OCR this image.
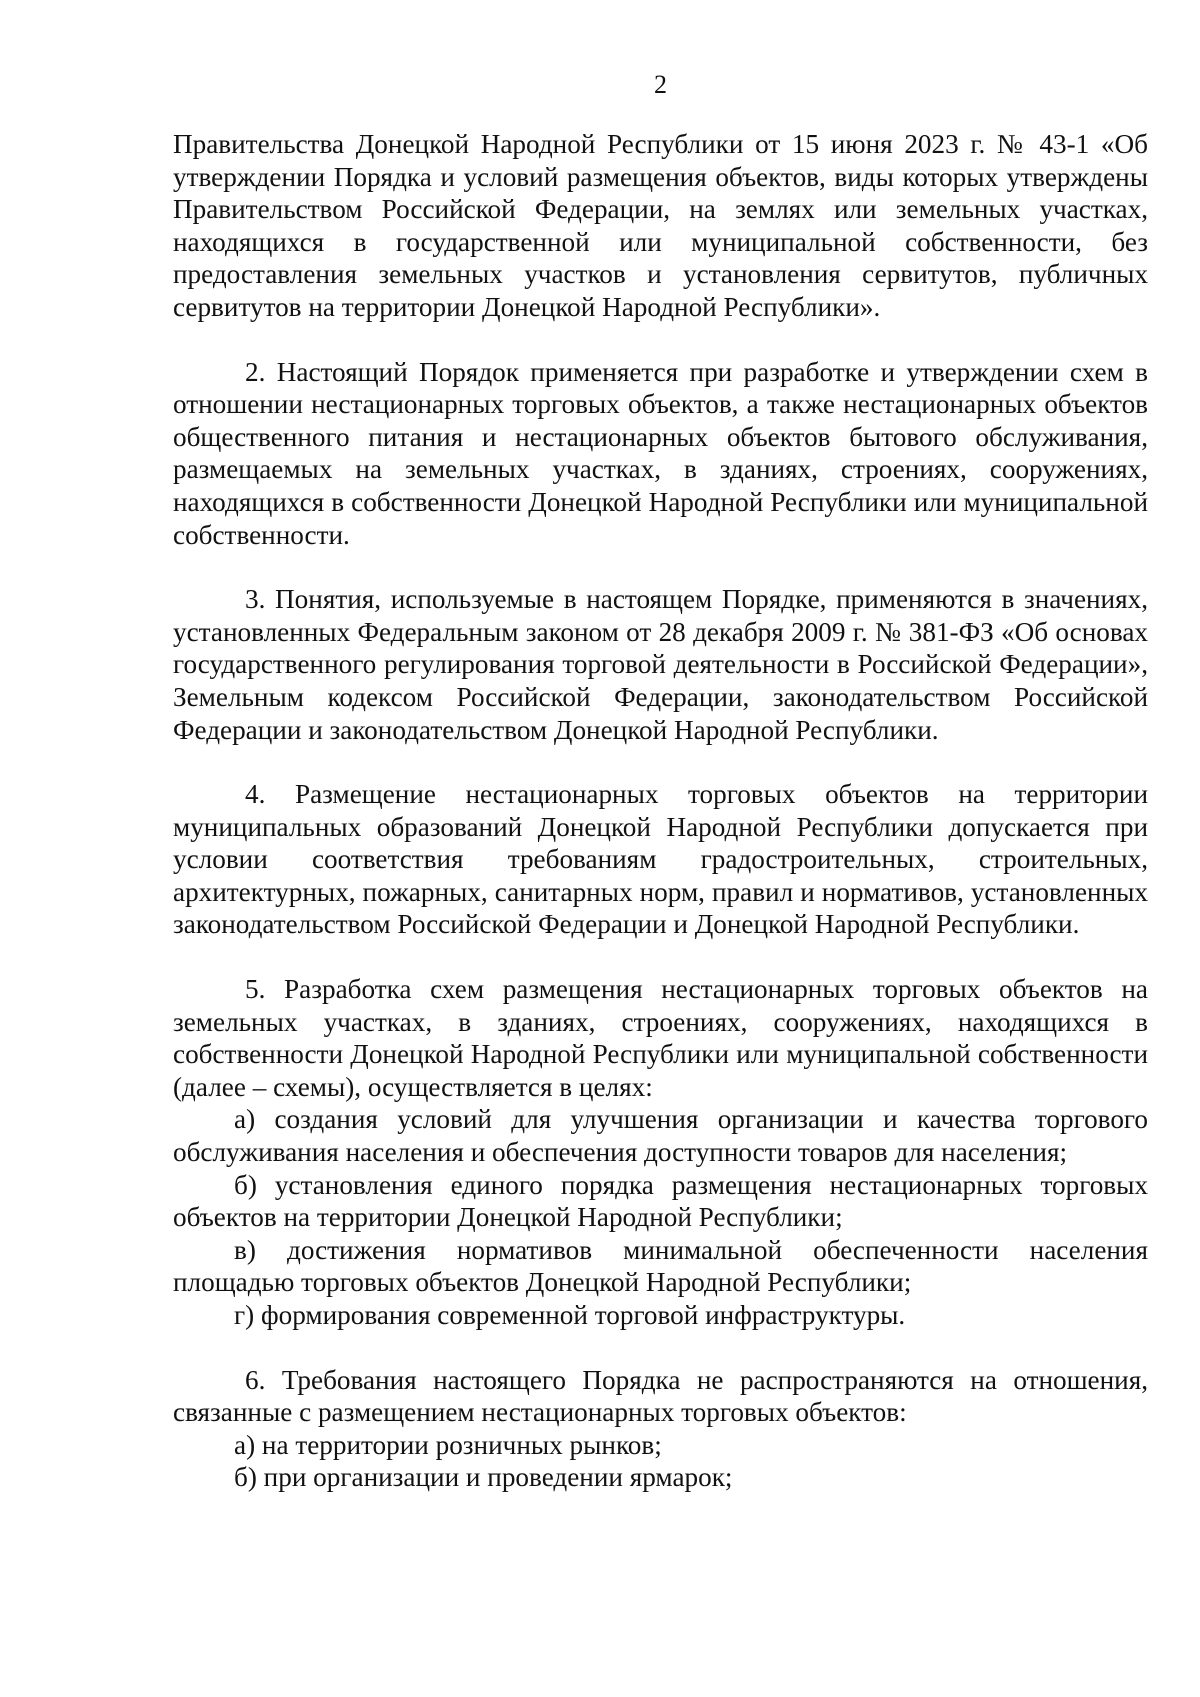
2

Правительства Донецкой Народной Республики от 15 июня 2023 г. № 43-1 «Об утверждении Порядка и условий размещения объектов, виды которых утверждены Правительством Российской Федерации, на землях или земельных участках, находящихся в государственной или муниципальной собственности, без предоставления земельных участков и установления сервитутов, публичных сервитутов на территории Донецкой Народной Республики».

2. Настоящий Порядок применяется при разработке и утверждении схем в отношении нестационарных торговых объектов, а также нестационарных объектов общественного питания и нестационарных объектов бытового обслуживания, размещаемых на земельных участках, в зданиях, строениях, сооружениях, находящихся в собственности Донецкой Народной Республики или муниципальной собственности.

3. Понятия, используемые в настоящем Порядке, применяются в значениях, установленных Федеральным законом от 28 декабря 2009 г. № 381-ФЗ «Об основах государственного регулирования торговой деятельности в Российской Федерации», Земельным кодексом Российской Федерации, законодательством Российской Федерации и законодательством Донецкой Народной Республики.

4. Размещение нестационарных торговых объектов на территории муниципальных образований Донецкой Народной Республики допускается при условии соответствия требованиям градостроительных, строительных, архитектурных, пожарных, санитарных норм, правил и нормативов, установленных законодательством Российской Федерации и Донецкой Народной Республики.

5. Разработка схем размещения нестационарных торговых объектов на земельных участках, в зданиях, строениях, сооружениях, находящихся в собственности Донецкой Народной Республики или муниципальной собственности (далее – схемы), осуществляется в целях:

а) создания условий для улучшения организации и качества торгового обслуживания населения и обеспечения доступности товаров для населения;

б) установления единого порядка размещения нестационарных торговых объектов на территории Донецкой Народной Республики;

в) достижения нормативов минимальной обеспеченности населения площадью торговых объектов Донецкой Народной Республики;

г) формирования современной торговой инфраструктуры.

6. Требования настоящего Порядка не распространяются на отношения, связанные с размещением нестационарных торговых объектов:

а) на территории розничных рынков;

б) при организации и проведении ярмарок;
